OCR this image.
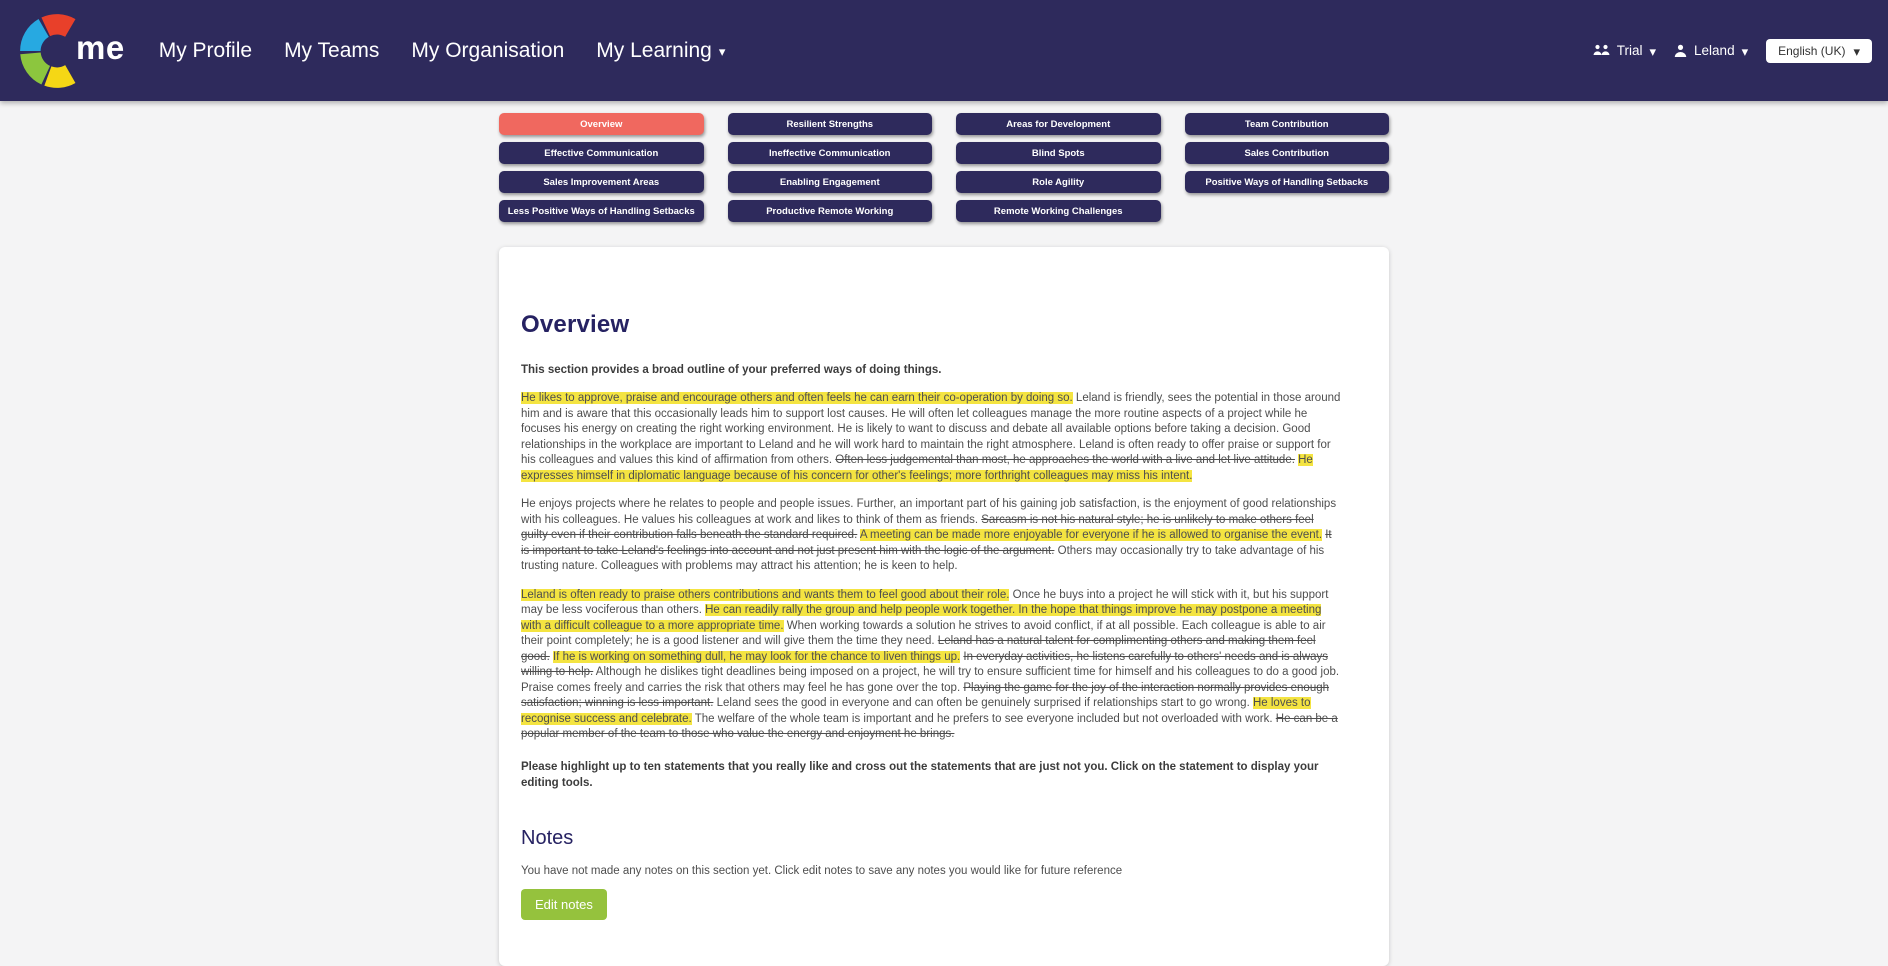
me My Profile My Teams My Organisation My Learning ▾	Trial ▾	Leland ▾	English (UK) ▾
Overview	Resilient Strengths	Areas for Development	Team Contribution
Effective Communication	Ineffective Communication	Blind Spots	Sales Contribution
Sales Improvement Areas	Enabling Engagement	Role Agility	Positive Ways of Handling Setbacks
Less Positive Ways of Handling Setbacks	Productive Remote Working	Remote Working Challenges
Overview

This section provides a broad outline of your preferred ways of doing things.

He likes to approve, praise and encourage others and often feels he can earn their co-operation by doing so. Leland is friendly, sees the potential in those around him and is aware that this occasionally leads him to support lost causes. He will often let colleagues manage the more routine aspects of a project while he focuses his energy on creating the right working environment. He is likely to want to discuss and debate all available options before taking a decision. Good relationships in the workplace are important to Leland and he will work hard to maintain the right atmosphere. Leland is often ready to offer praise or support for his colleagues and values this kind of affirmation from others. Often less judgemental than most, he approaches the world with a live and let live attitude. He expresses himself in diplomatic language because of his concern for other's feelings; more forthright colleagues may miss his intent.

He enjoys projects where he relates to people and people issues. Further, an important part of his gaining job satisfaction, is the enjoyment of good relationships with his colleagues. He values his colleagues at work and likes to think of them as friends. Sarcasm is not his natural style; he is unlikely to make others feel guilty even if their contribution falls beneath the standard required. A meeting can be made more enjoyable for everyone if he is allowed to organise the event. It is important to take Leland's feelings into account and not just present him with the logic of the argument. Others may occasionally try to take advantage of his trusting nature. Colleagues with problems may attract his attention; he is keen to help.

Leland is often ready to praise others contributions and wants them to feel good about their role. Once he buys into a project he will stick with it, but his support may be less vociferous than others. He can readily rally the group and help people work together. In the hope that things improve he may postpone a meeting with a difficult colleague to a more appropriate time. When working towards a solution he strives to avoid conflict, if at all possible. Each colleague is able to air their point completely; he is a good listener and will give them the time they need. Leland has a natural talent for complimenting others and making them feel good. If he is working on something dull, he may look for the chance to liven things up. In everyday activities, he listens carefully to others' needs and is always willing to help. Although he dislikes tight deadlines being imposed on a project, he will try to ensure sufficient time for himself and his colleagues to do a good job. Praise comes freely and carries the risk that others may feel he has gone over the top. Playing the game for the joy of the interaction normally provides enough satisfaction; winning is less important. Leland sees the good in everyone and can often be genuinely surprised if relationships start to go wrong. He loves to recognise success and celebrate. The welfare of the whole team is important and he prefers to see everyone included but not overloaded with work. He can be a popular member of the team to those who value the energy and enjoyment he brings.

Please highlight up to ten statements that you really like and cross out the statements that are just not you. Click on the statement to display your editing tools.

Notes

You have not made any notes on this section yet. Click edit notes to save any notes you would like for future reference

Edit notes
